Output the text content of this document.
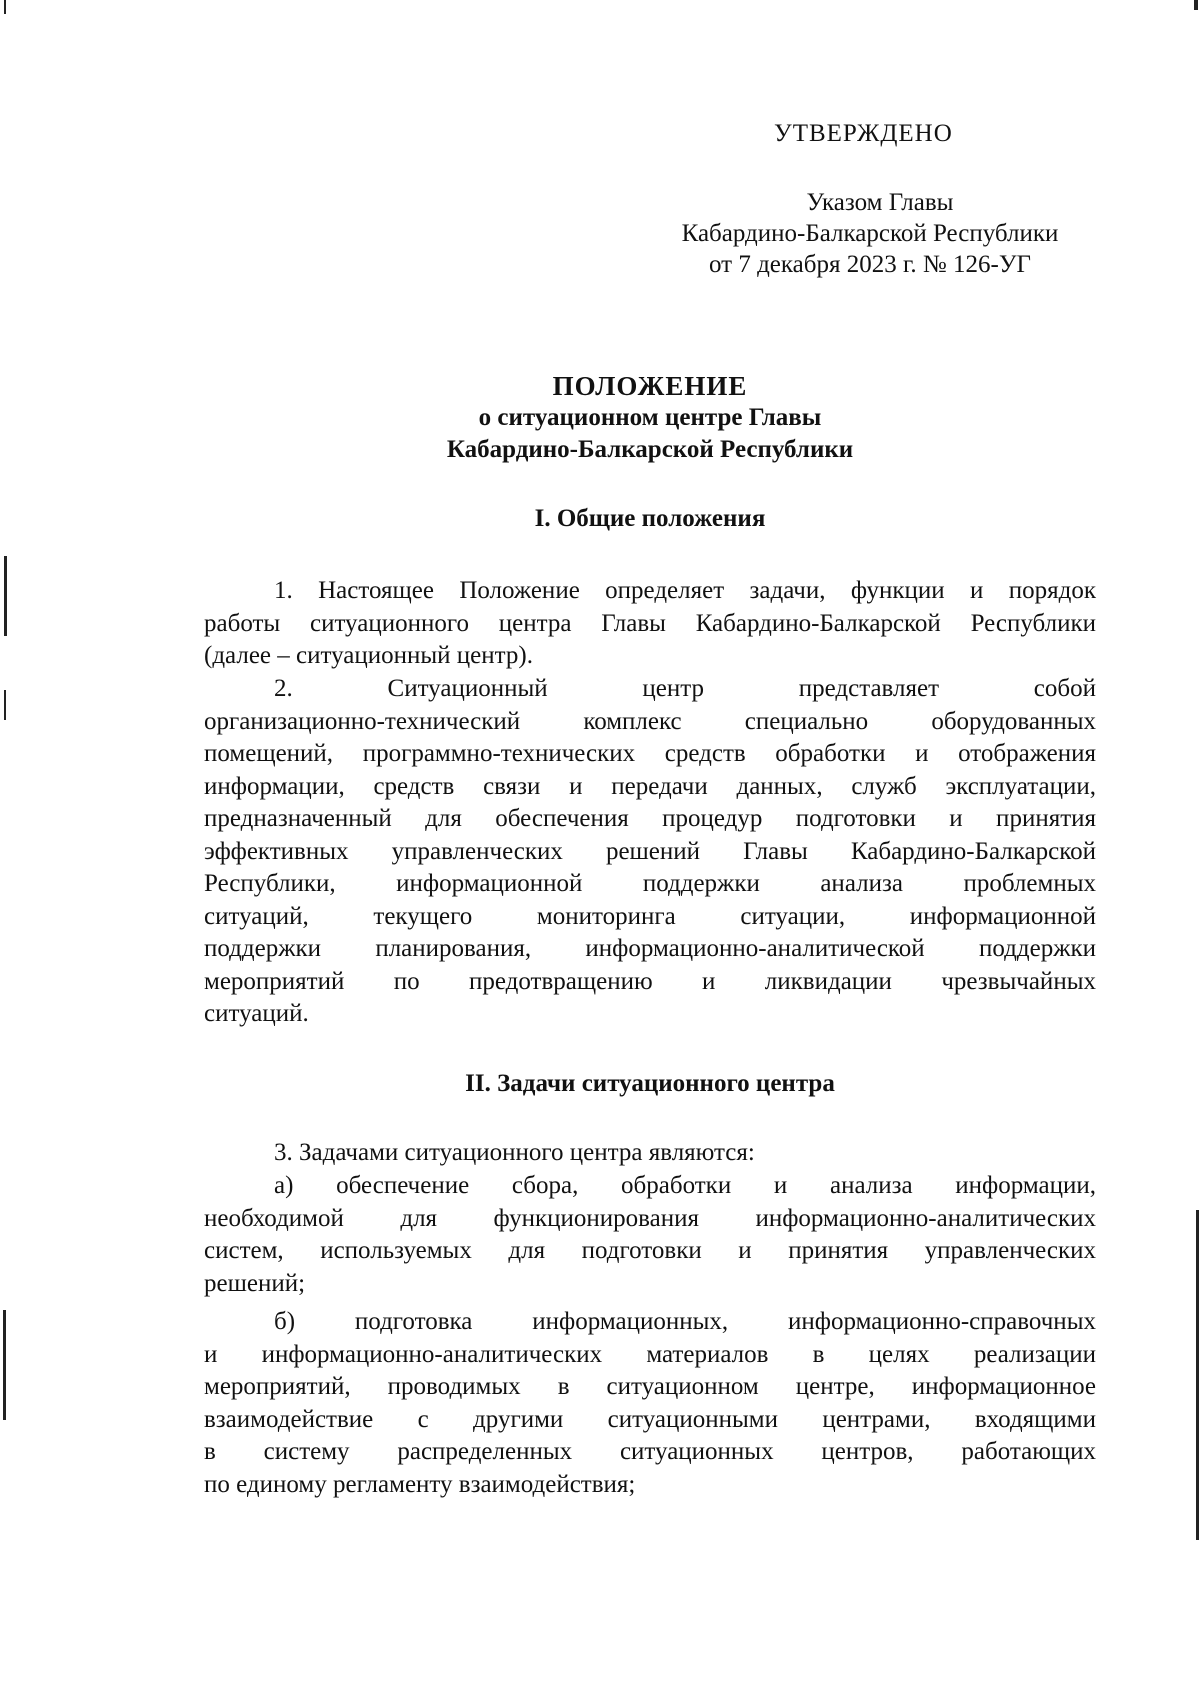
УТВЕРЖДЕНО
Указом Главы
Кабардино-Балкарской Республики
от 7 декабря 2023 г. № 126-УГ
ПОЛОЖЕНИЕ
о ситуационном центре Главы
Кабардино-Балкарской Республики
I. Общие положения
1. Настоящее Положение определяет задачи, функции и порядок
работы ситуационного центра Главы Кабардино-Балкарской Республики
(далее – ситуационный центр).
2. Ситуационный центр представляет собой
организационно-технический комплекс специально оборудованных
помещений, программно-технических средств обработки и отображения
информации, средств связи и передачи данных, служб эксплуатации,
предназначенный для обеспечения процедур подготовки и принятия
эффективных управленческих решений Главы Кабардино-Балкарской
Республики, информационной поддержки анализа проблемных
ситуаций, текущего мониторинга ситуации, информационной
поддержки планирования, информационно-аналитической поддержки
мероприятий по предотвращению и ликвидации чрезвычайных
ситуаций.
II. Задачи ситуационного центра
3. Задачами ситуационного центра являются:
а) обеспечение сбора, обработки и анализа информации,
необходимой для функционирования информационно-аналитических
систем, используемых для подготовки и принятия управленческих
решений;
б) подготовка информационных, информационно-справочных
и информационно-аналитических материалов в целях реализации
мероприятий, проводимых в ситуационном центре, информационное
взаимодействие с другими ситуационными центрами, входящими
в систему распределенных ситуационных центров, работающих
по единому регламенту взаимодействия;
